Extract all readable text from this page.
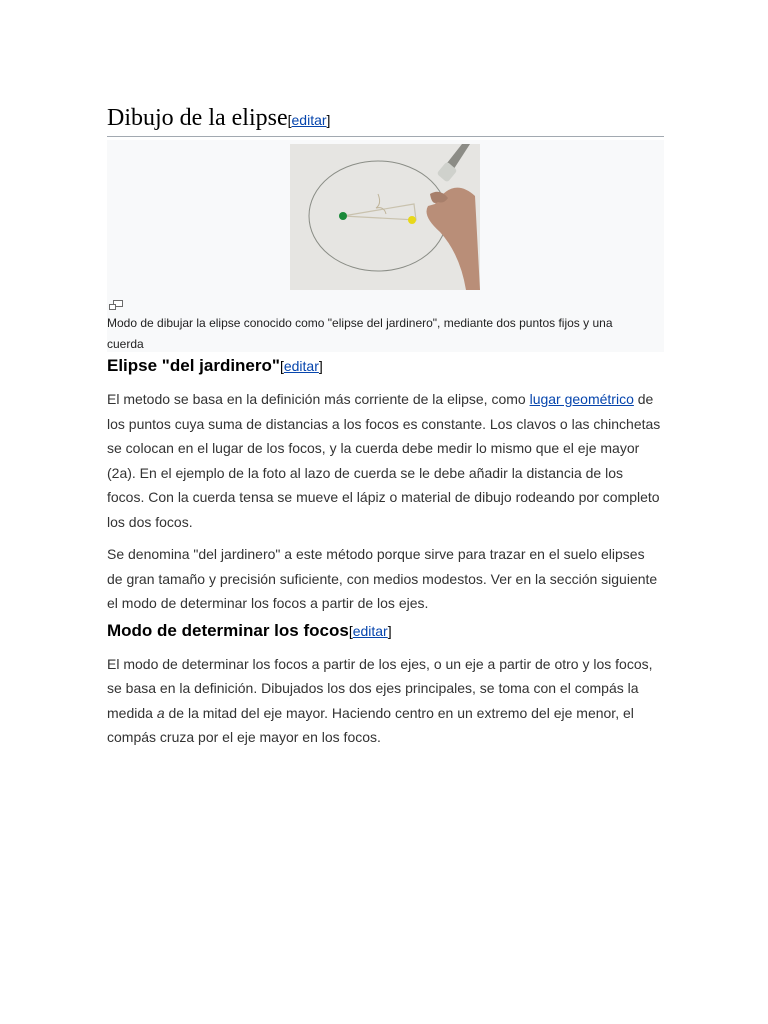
Dibujo de la elipse[editar]
Modo de dibujar la elipse conocido como "elipse del jardinero", mediante dos puntos fijos y una cuerda
Elipse "del jardinero"[editar]

El metodo se basa en la definición más corriente de la elipse, como lugar geométrico de los puntos cuya suma de distancias a los focos es constante. Los clavos o las chinchetas se colocan en el lugar de los focos, y la cuerda debe medir lo mismo que el eje mayor (2a). En el ejemplo de la foto al lazo de cuerda se le debe añadir la distancia de los focos. Con la cuerda tensa se mueve el lápiz o material de dibujo rodeando por completo los dos focos.

Se denomina "del jardinero" a este método porque sirve para trazar en el suelo elipses de gran tamaño y precisión suficiente, con medios modestos. Ver en la sección siguiente el modo de determinar los focos a partir de los ejes.

Modo de determinar los focos[editar]

El modo de determinar los focos a partir de los ejes, o un eje a partir de otro y los focos, se basa en la definición. Dibujados los dos ejes principales, se toma con el compás la medida a de la mitad del eje mayor. Haciendo centro en un extremo del eje menor, el compás cruza por el eje mayor en los focos.
